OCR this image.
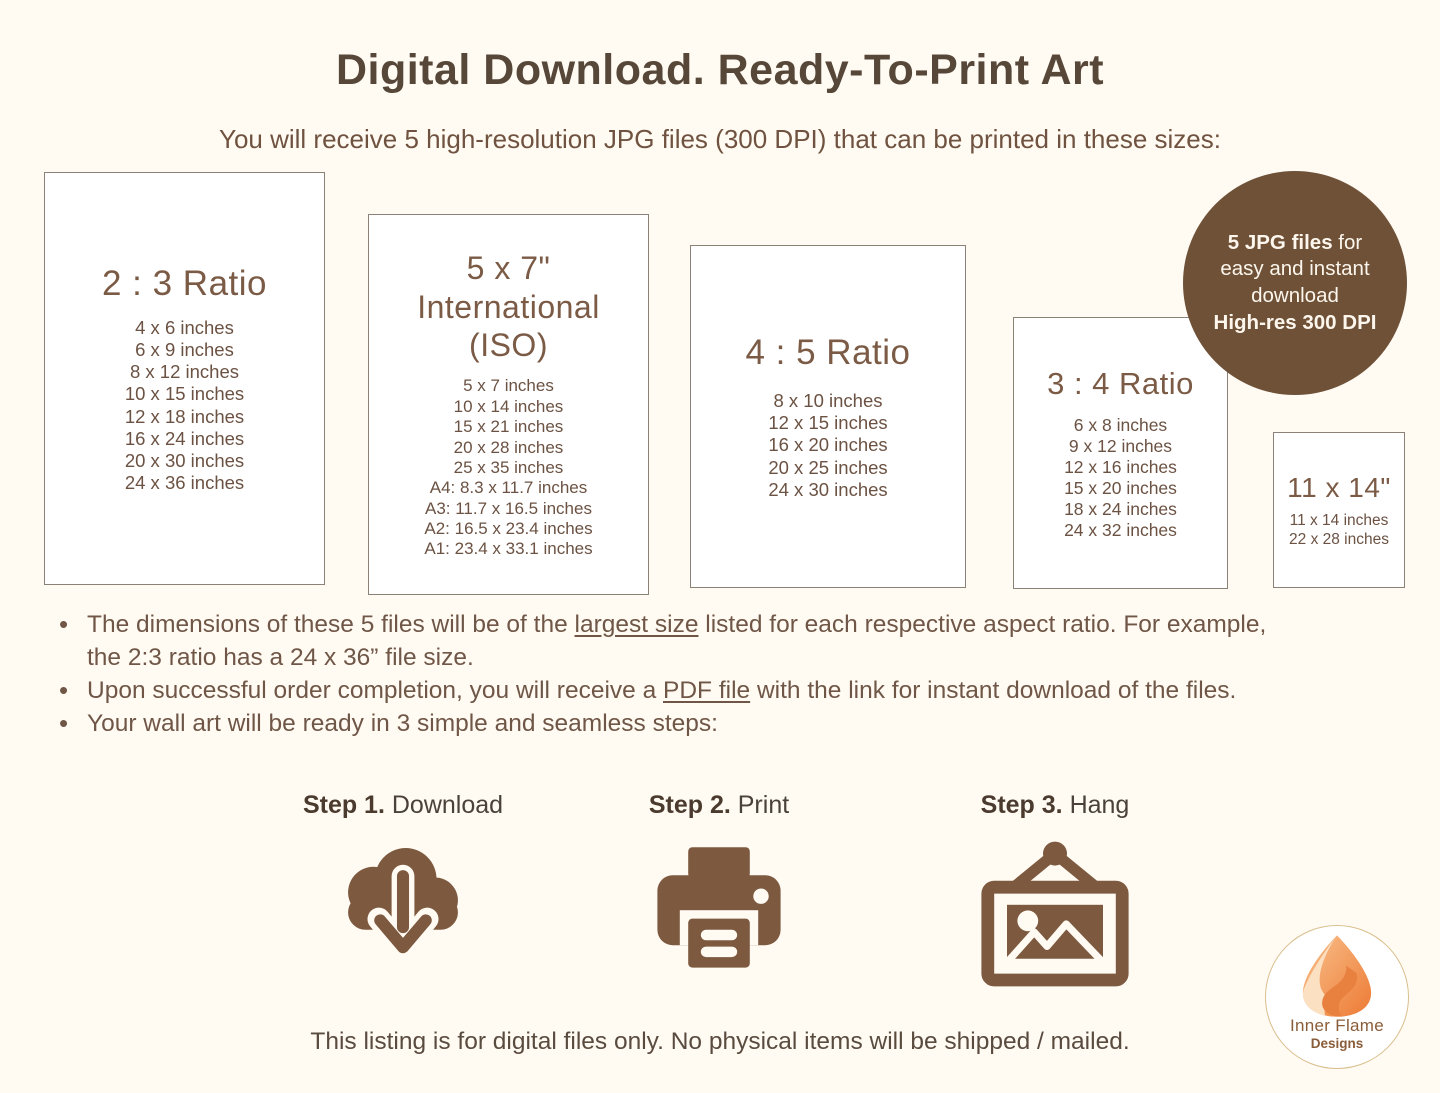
Digital Download. Ready-To-Print Art
You will receive 5 high-resolution JPG files (300 DPI) that can be printed in these sizes:
2 : 3 Ratio
4 x 6 inches
6 x 9 inches
8 x 12 inches
10 x 15 inches
12 x 18 inches
16 x 24 inches
20 x 30 inches
24 x 36 inches
5 x 7"
International
(ISO)
5 x 7 inches
10 x 14 inches
15 x 21 inches
20 x 28 inches
25 x 35 inches
A4: 8.3 x 11.7 inches
A3: 11.7 x 16.5 inches
A2: 16.5 x 23.4 inches
A1: 23.4 x 33.1 inches
4 : 5 Ratio
8 x 10 inches
12 x 15 inches
16 x 20 inches
20 x 25 inches
24 x 30 inches
3 : 4 Ratio
6 x 8 inches
9 x 12 inches
12 x 16 inches
15 x 20 inches
18 x 24 inches
24 x 32 inches
11 x 14"
11 x 14 inches
22 x 28 inches
5 JPG files for
easy and instant
download
High-res 300 DPI
• The dimensions of these 5 files will be of the largest size listed for each respective aspect ratio. For example,
the 2:3 ratio has a 24 x 36” file size.
• Upon successful order completion, you will receive a PDF file with the link for instant download of the files.
• Your wall art will be ready in 3 simple and seamless steps:
Step 1. Download	Step 2. Print	Step 3. Hang
This listing is for digital files only. No physical items will be shipped / mailed.
Inner Flame
Designs
